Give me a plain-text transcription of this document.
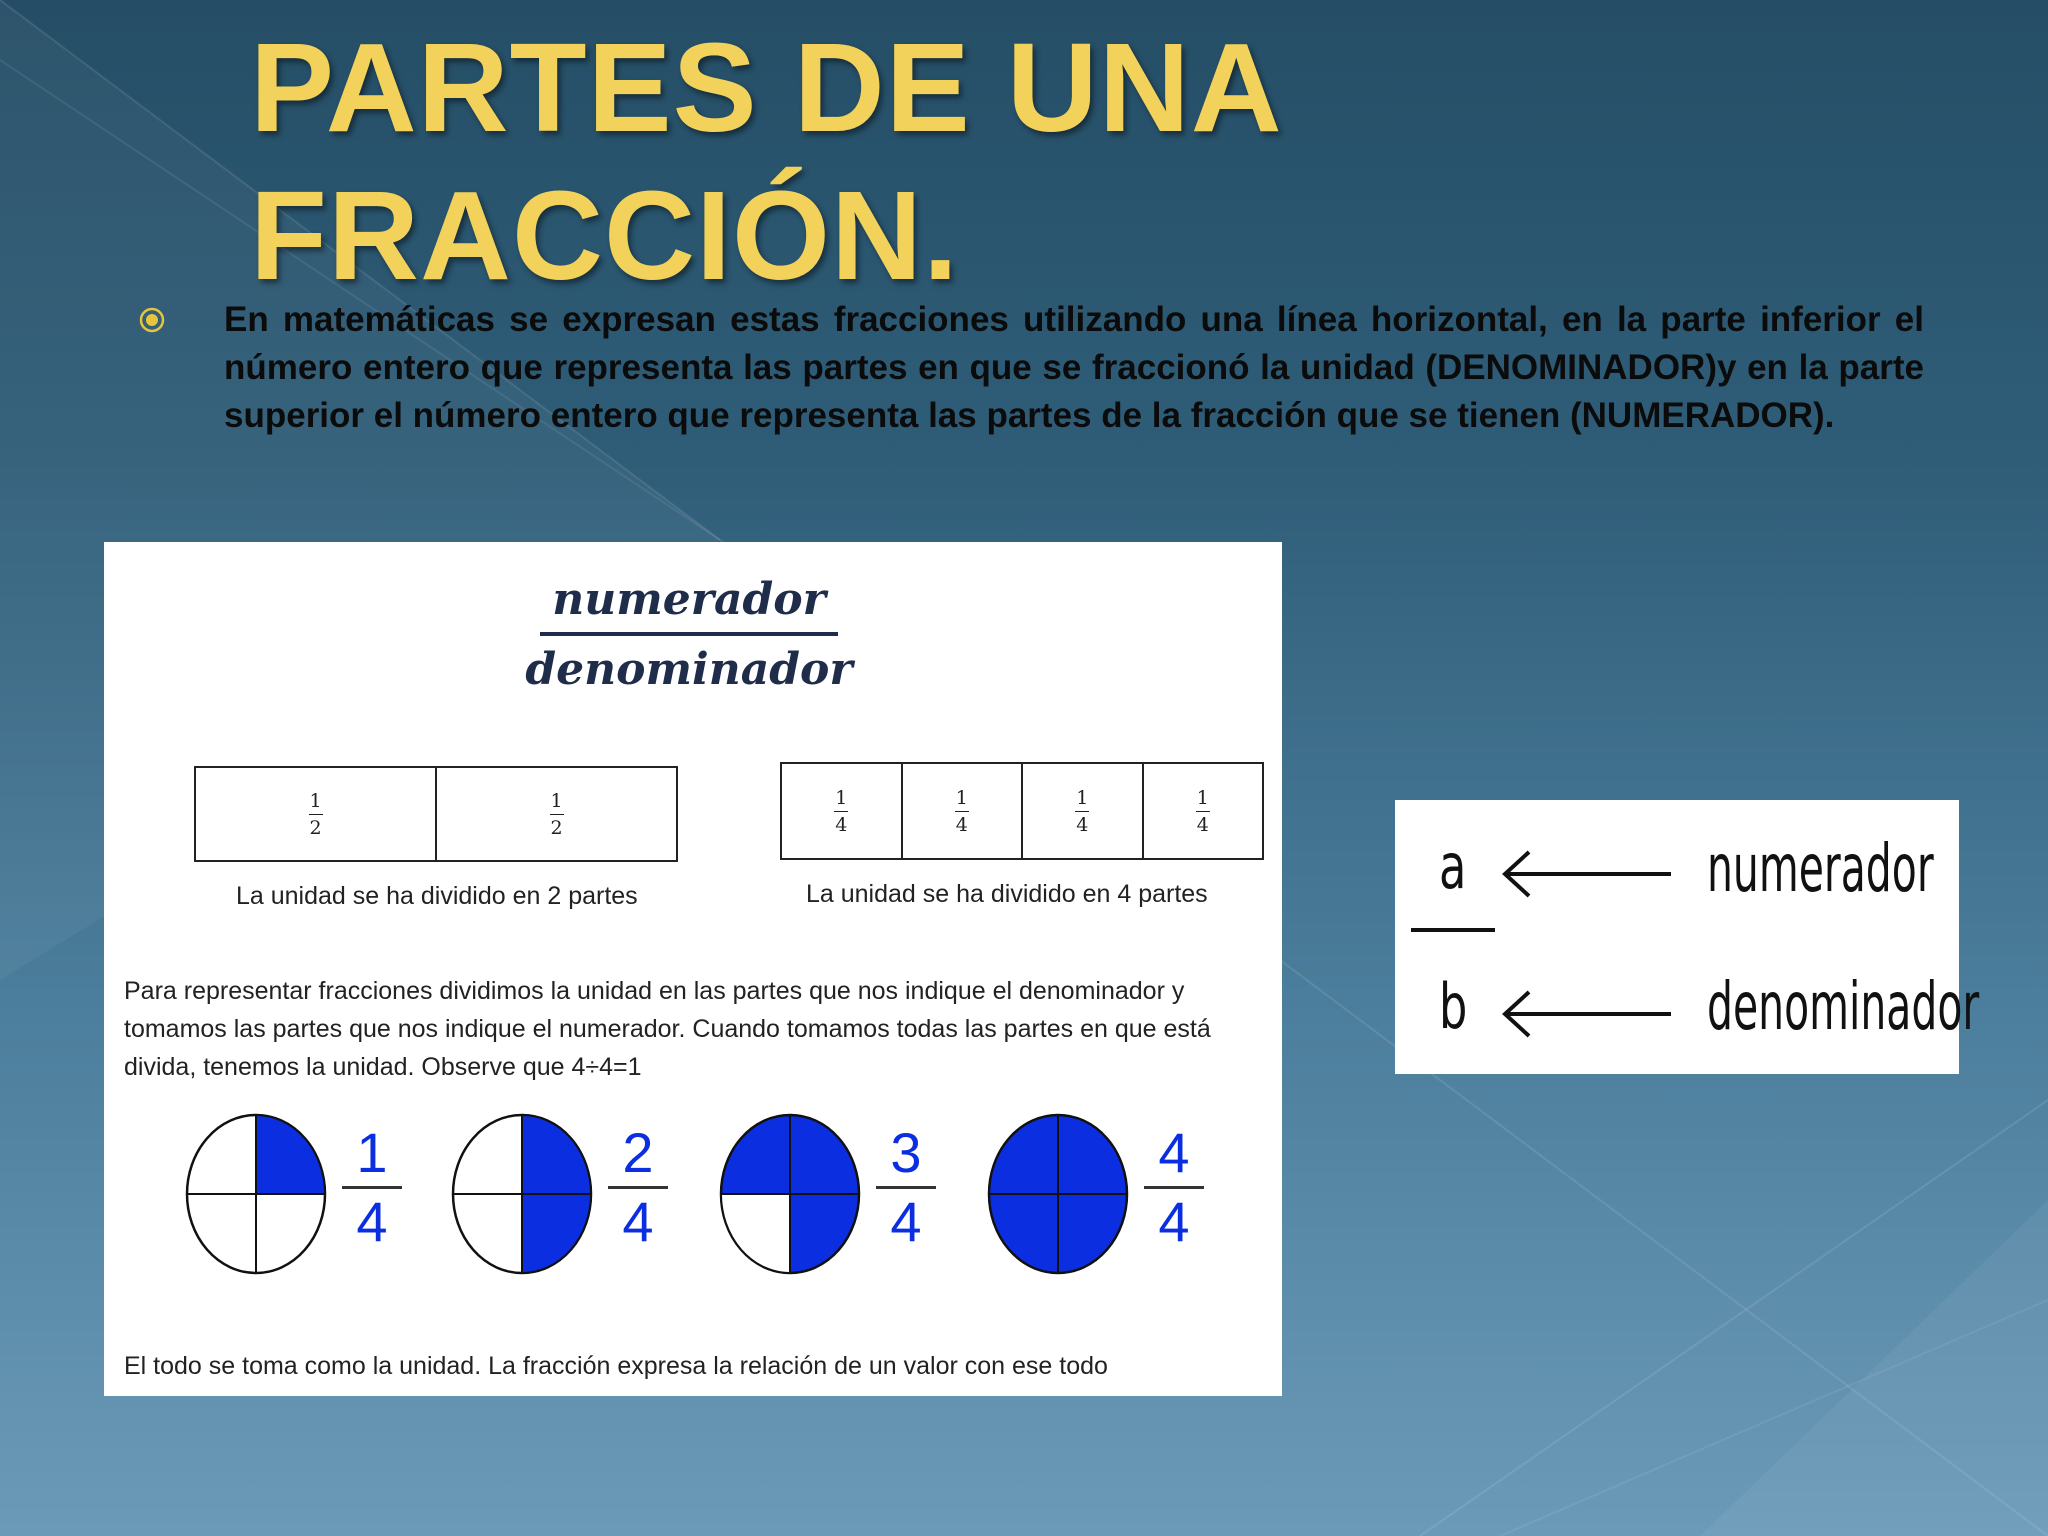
PARTES DE UNA
FRACCIÓN.

En matemáticas se expresan estas fracciones utilizando una línea horizontal, en la parte inferior el número entero que representa las partes en que se fraccionó la unidad (DENOMINADOR)y en la parte superior el número entero que representa las partes de la fracción que se tienen (NUMERADOR).

numerador
denominador
1
2
1
2
La unidad se ha dividido en 2 partes
1
4
1
4
1
4
1
4
La unidad se ha dividido en 4 partes

Para representar fracciones dividimos la unidad en las partes que nos indique el denominador y tomamos las partes que nos indique el numerador. Cuando tomamos todas las partes en que está divida, tenemos la unidad. Observe que 4÷4=1

1
4
2
4
3
4
4
4

El todo se toma como la unidad. La fracción expresa la relación de un valor con ese todo

a	numerador
b	denominador
